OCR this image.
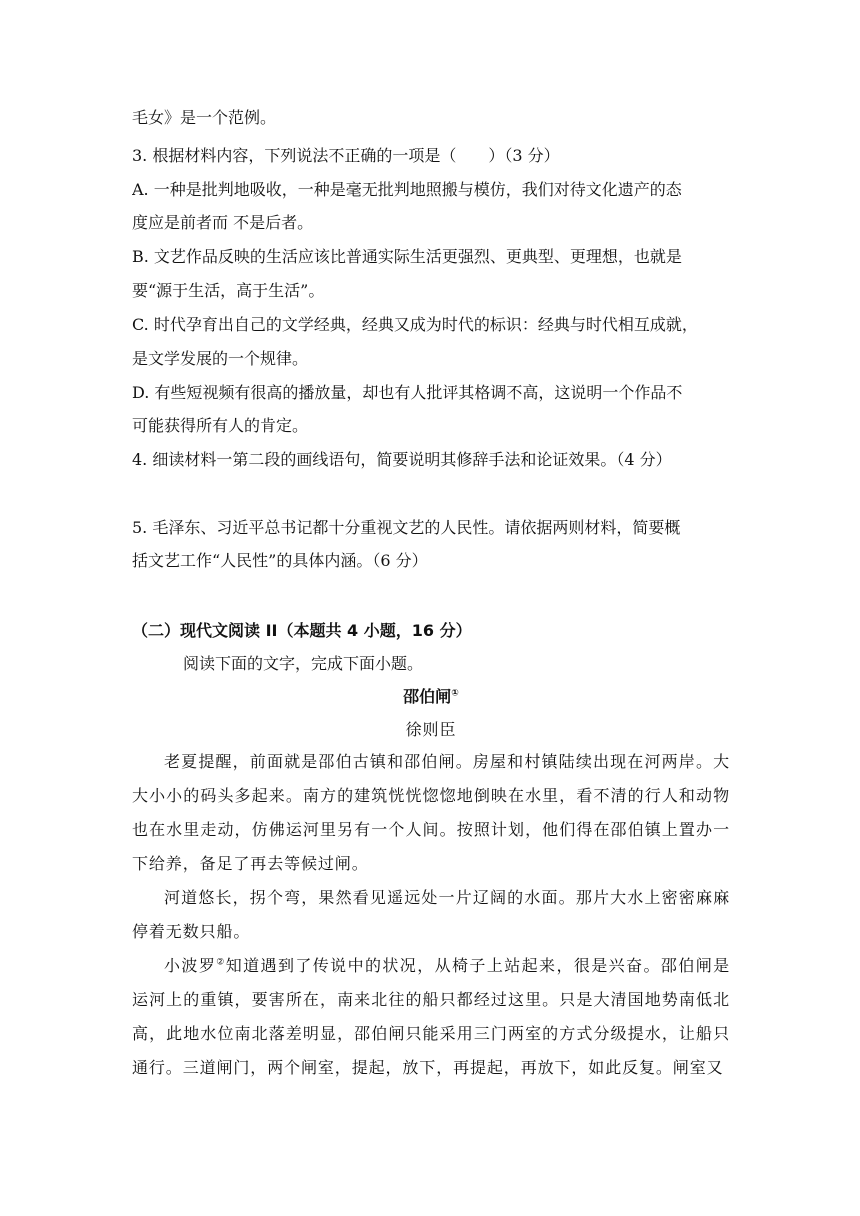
毛女》是一个范例。
3. 根据材料内容，下列说法不正确的一项是（　　）（3 分）
A. 一种是批判地吸收，一种是毫无批判地照搬与模仿，我们对待文化遗产的态
度应是前者而 不是后者。
B. 文艺作品反映的生活应该比普通实际生活更强烈、更典型、更理想，也就是
要“源于生活，高于生活”。
C. 时代孕育出自己的文学经典，经典又成为时代的标识：经典与时代相互成就，
是文学发展的一个规律。
D. 有些短视频有很高的播放量，却也有人批评其格调不高，这说明一个作品不
可能获得所有人的肯定。
4. 细读材料一第二段的画线语句，简要说明其修辞手法和论证效果。（4 分）
5. 毛泽东、习近平总书记都十分重视文艺的人民性。请依据两则材料，简要概
括文艺工作“人民性”的具体内涵。（6 分）
（二）现代文阅读 II（本题共 4 小题，16 分）
阅读下面的文字，完成下面小题。
邵伯闸①
徐则臣
老夏提醒，前面就是邵伯古镇和邵伯闸。房屋和村镇陆续出现在河两岸。大大小小的码头多起来。南方的建筑恍恍惚惚地倒映在水里，看不清的行人和动物也在水里走动，仿佛运河里另有一个人间。按照计划，他们得在邵伯镇上置办一下给养，备足了再去等候过闸。
河道悠长，拐个弯，果然看见遥远处一片辽阔的水面。那片大水上密密麻麻停着无数只船。
小波罗②知道遇到了传说中的状况，从椅子上站起来，很是兴奋。邵伯闸是运河上的重镇，要害所在，南来北往的船只都经过这里。只是大清国地势南低北高，此地水位南北落差明显，邵伯闸只能采用三门两室的方式分级提水，让船只通行。三道闸门，两个闸室，提起，放下，再提起，再放下，如此反复。闸室又
